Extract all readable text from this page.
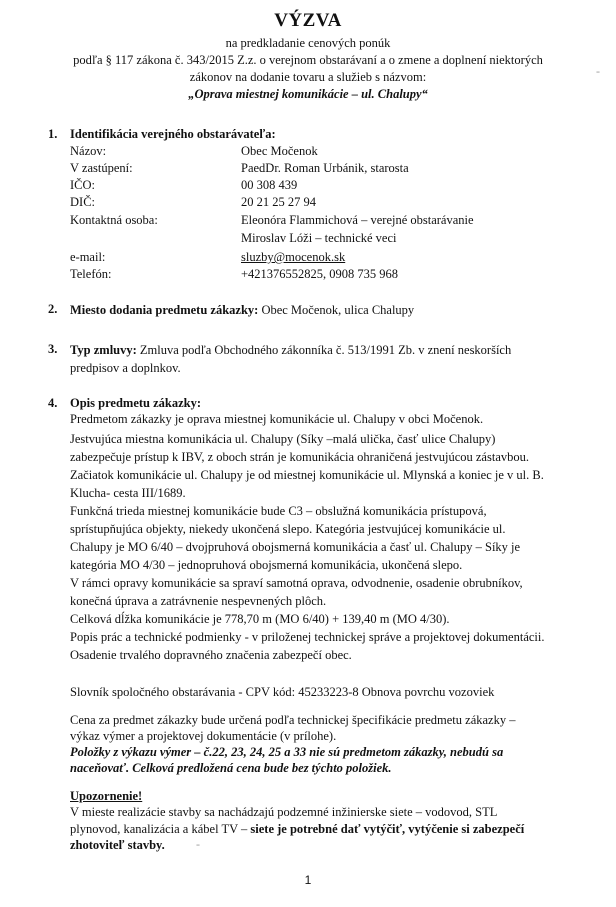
VÝZVA
na predkladanie cenových ponúk
podľa § 117 zákona č. 343/2015 Z.z. o verejnom obstarávaní a o zmene a doplnení niektorých
zákonov na dodanie tovaru a služieb s názvom:
„Oprava miestnej komunikácie – ul. Chalupy“
1. Identifikácia verejného obstarávateľa:
Názov:	Obec Močenok
V zastúpení:	PaedDr. Roman Urbánik, starosta
IČO:	00 308 439
DIČ:	20 21 25 27 94
Kontaktná osoba:	Eleonóra Flammichová – verejné obstarávanie
Miroslav Lóži – technické veci
e-mail:	sluzby@mocenok.sk
Telefón:	+421376552825, 0908 735 968
2. Miesto dodania predmetu zákazky: Obec Močenok, ulica Chalupy
3. Typ zmluvy: Zmluva podľa Obchodného zákonníka č. 513/1991 Zb. v znení neskorších
predpisov a doplnkov.
4. Opis predmetu zákazky:
Predmetom zákazky je oprava miestnej komunikácie ul. Chalupy v obci Močenok.
Jestvujúca miestna komunikácia ul. Chalupy (Síky –malá ulička, časť ulice Chalupy)
zabezpečuje prístup k IBV, z oboch strán je komunikácia ohraničená jestvujúcou zástavbou.
Začiatok komunikácie ul. Chalupy je od miestnej komunikácie ul. Mlynská a koniec je v ul. B.
Klucha- cesta III/1689.
Funkčná trieda miestnej komunikácie bude C3 – obslužná komunikácia prístupová,
sprístupňujúca objekty, niekedy ukončená slepo. Kategória jestvujúcej komunikácie ul.
Chalupy je MO 6/40 – dvojpruhová obojsmerná komunikácia a časť ul. Chalupy – Síky je
kategória MO 4/30 – jednopruhová obojsmerná komunikácia, ukončená slepo.
V rámci opravy komunikácie sa spraví samotná oprava, odvodnenie, osadenie obrubníkov,
konečná úprava a zatrávnenie nespevnených plôch.
Celková dĺžka komunikácie je 778,70 m (MO 6/40) + 139,40 m (MO 4/30).
Popis prác a technické podmienky - v priloženej technickej správe a projektovej dokumentácii.
Osadenie trvalého dopravného značenia zabezpečí obec.
Slovník spoločného obstarávania - CPV kód: 45233223-8 Obnova povrchu vozoviek
Cena za predmet zákazky bude určená podľa technickej špecifikácie predmetu zákazky –
výkaz výmer a projektovej dokumentácie (v prílohe).
Položky z výkazu výmer – č.22, 23, 24, 25 a 33 nie sú predmetom zákazky, nebudú sa
naceňovať. Celková predložená cena bude bez týchto položiek.
Upozornenie!
V mieste realizácie stavby sa nachádzajú podzemné inžinierske siete – vodovod, STL
plynovod, kanalizácia a kábel TV – siete je potrebné dať vytýčiť, vytýčenie si zabezpečí
zhotoviteľ stavby.	-
-
1
